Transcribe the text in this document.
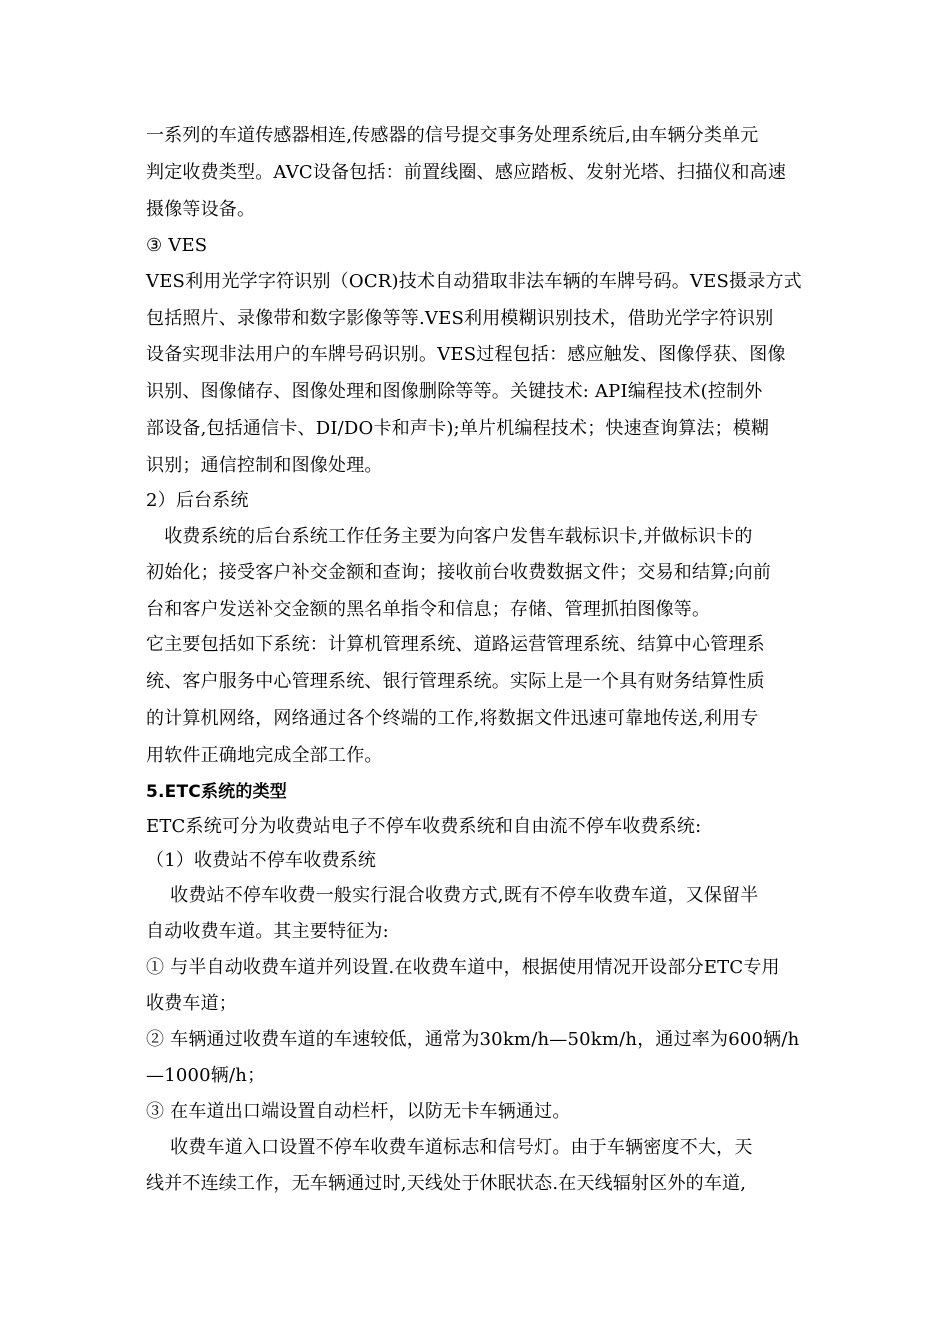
一系列的车道传感器相连,传感器的信号提交事务处理系统后,由车辆分类单元
判定收费类型。AVC设备包括：前置线圈、感应踏板、发射光塔、扫描仪和高速
摄像等设备。
③ VES
VES利用光学字符识别（OCR)技术自动猎取非法车辆的车牌号码。VES摄录方式
包括照片、录像带和数字影像等等.VES利用模糊识别技术，借助光学字符识别
设备实现非法用户的车牌号码识别。VES过程包括：感应触发、图像俘获、图像
识别、图像储存、图像处理和图像删除等等。关键技术: API编程技术(控制外
部设备,包括通信卡、DI/DO卡和声卡);单片机编程技术；快速查询算法；模糊
识别；通信控制和图像处理。
2）后台系统
　收费系统的后台系统工作任务主要为向客户发售车载标识卡,并做标识卡的
初始化；接受客户补交金额和查询；接收前台收费数据文件；交易和结算;向前
台和客户发送补交金额的黑名单指令和信息；存储、管理抓拍图像等。
它主要包括如下系统：计算机管理系统、道路运营管理系统、结算中心管理系
统、客户服务中心管理系统、银行管理系统。实际上是一个具有财务结算性质
的计算机网络，网络通过各个终端的工作,将数据文件迅速可靠地传送,利用专
用软件正确地完成全部工作。
5.ETC系统的类型
ETC系统可分为收费站电子不停车收费系统和自由流不停车收费系统:
（1）收费站不停车收费系统
　 收费站不停车收费一般实行混合收费方式,既有不停车收费车道，又保留半
自动收费车道。其主要特征为:
① 与半自动收费车道并列设置.在收费车道中，根据使用情况开设部分ETC专用
收费车道；
② 车辆通过收费车道的车速较低，通常为30km/h—50km/h，通过率为600辆/h
—1000辆/h；
③ 在车道出口端设置自动栏杆，以防无卡车辆通过。
　 收费车道入口设置不停车收费车道标志和信号灯。由于车辆密度不大，天
线并不连续工作，无车辆通过时,天线处于休眠状态.在天线辐射区外的车道,
